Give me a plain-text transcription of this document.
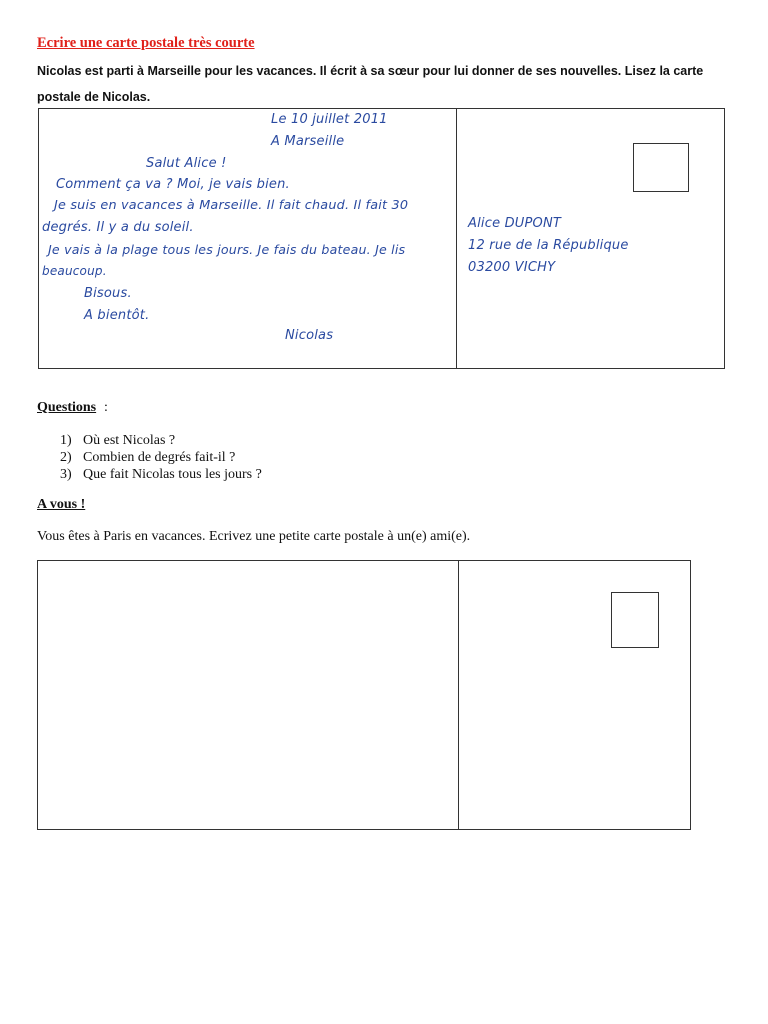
Ecrire une carte postale très courte
Nicolas est parti à Marseille pour les vacances. Il écrit à sa sœur pour lui donner de ses nouvelles. Lisez la carte
postale de Nicolas.
Le 10 juillet 2011
A Marseille
Salut Alice !
Comment ça va ? Moi, je vais bien.
Je suis en vacances à Marseille. Il fait chaud. Il fait 30
degrés. Il y a du soleil.
Je vais à la plage tous les jours. Je fais du bateau. Je lis
beaucoup.
Bisous.
A bientôt.
Nicolas
Alice DUPONT
12 rue de la République
03200 VICHY
Questions :
1) Où est Nicolas ?
2) Combien de degrés fait-il ?
3) Que fait Nicolas tous les jours ?
A vous !
Vous êtes à Paris en vacances. Ecrivez une petite carte postale à un(e) ami(e).
